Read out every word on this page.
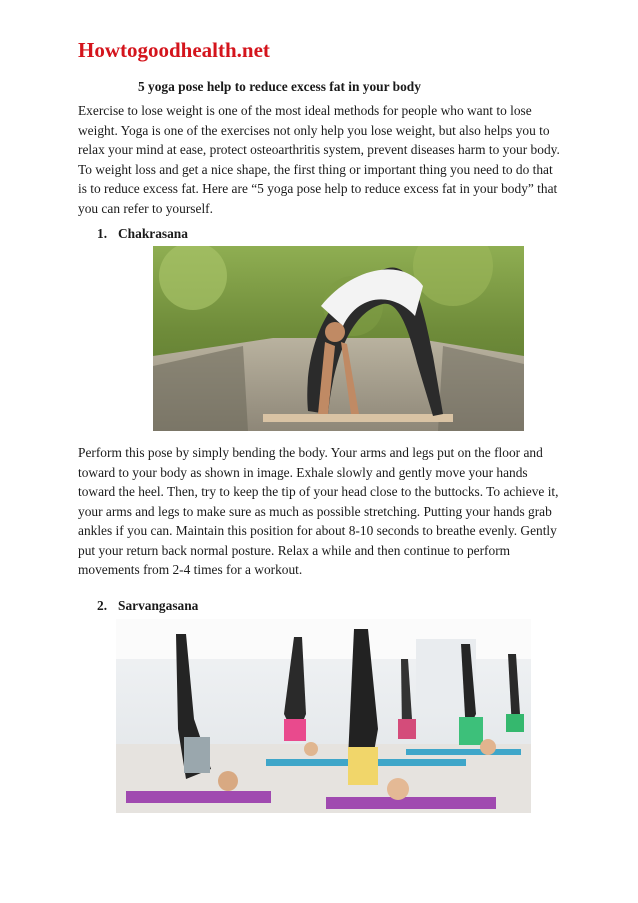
Howtogoodhealth.net

5 yoga pose help to reduce excess fat in your body

Exercise to lose weight is one of the most ideal methods for people who want to lose weight. Yoga is one of the exercises not only help you lose weight, but also helps you to relax your mind at ease, protect osteoarthritis system, prevent diseases harm to your body. To weight loss and get a nice shape, the first thing or important thing you need to do that is to reduce excess fat. Here are “5 yoga pose help to reduce excess fat in your body” that you can refer to yourself.

1. Chakrasana

Perform this pose by simply bending the body. Your arms and legs put on the floor and toward to your body as shown in image. Exhale slowly and gently move your hands toward the heel. Then, try to keep the tip of your head close to the buttocks. To achieve it, your arms and legs to make sure as much as possible stretching. Putting your hands grab ankles if you can. Maintain this position for about 8-10 seconds to breathe evenly. Gently put your return back normal posture. Relax a while and then continue to perform movements from 2-4 times for a workout.

2. Sarvangasana
